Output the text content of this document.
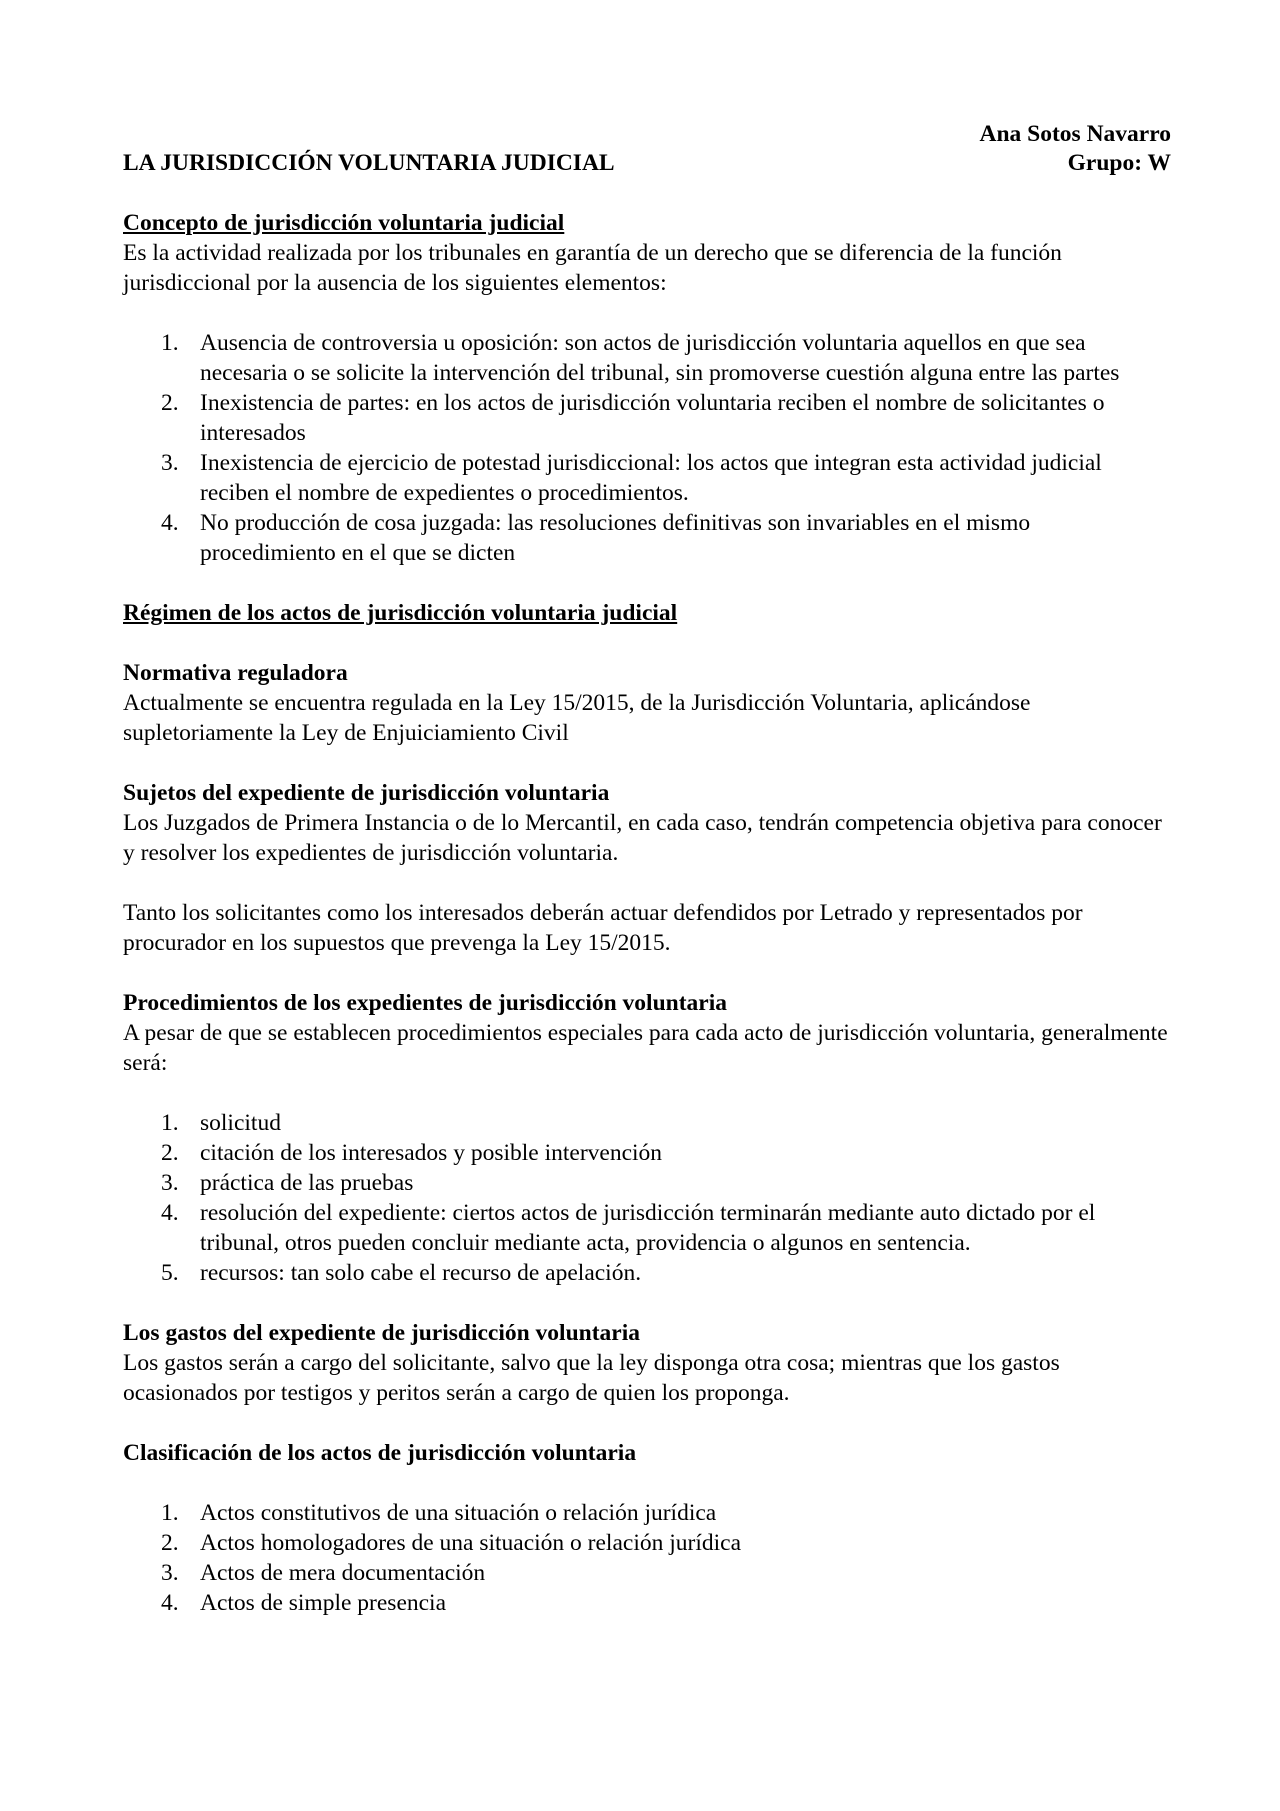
Ana Sotos Navarro
Grupo: W
LA JURISDICCIÓN VOLUNTARIA JUDICIAL
Concepto de jurisdicción voluntaria judicial

Es la actividad realizada por los tribunales en garantía de un derecho que se diferencia de la función jurisdiccional por la ausencia de los siguientes elementos:

1. Ausencia de controversia u oposición: son actos de jurisdicción voluntaria aquellos en que sea necesaria o se solicite la intervención del tribunal, sin promoverse cuestión alguna entre las partes
2. Inexistencia de partes: en los actos de jurisdicción voluntaria reciben el nombre de solicitantes o interesados
3. Inexistencia de ejercicio de potestad jurisdiccional: los actos que integran esta actividad judicial reciben el nombre de expedientes o procedimientos.
4. No producción de cosa juzgada: las resoluciones definitivas son invariables en el mismo procedimiento en el que se dicten
Régimen de los actos de jurisdicción voluntaria judicial
Normativa reguladora

Actualmente se encuentra regulada en la Ley 15/2015, de la Jurisdicción Voluntaria, aplicándose supletoriamente la Ley de Enjuiciamiento Civil

Sujetos del expediente de jurisdicción voluntaria

Los Juzgados de Primera Instancia o de lo Mercantil, en cada caso, tendrán competencia objetiva para conocer y resolver los expedientes de jurisdicción voluntaria.

Tanto los solicitantes como los interesados deberán actuar defendidos por Letrado y representados por procurador en los supuestos que prevenga la Ley 15/2015.

Procedimientos de los expedientes de jurisdicción voluntaria

A pesar de que se establecen procedimientos especiales para cada acto de jurisdicción voluntaria, generalmente será:

1. solicitud
2. citación de los interesados y posible intervención
3. práctica de las pruebas
4. resolución del expediente: ciertos actos de jurisdicción terminarán mediante auto dictado por el tribunal, otros pueden concluir mediante acta, providencia o algunos en sentencia.
5. recursos: tan solo cabe el recurso de apelación.
Los gastos del expediente de jurisdicción voluntaria

Los gastos serán a cargo del solicitante, salvo que la ley disponga otra cosa; mientras que los gastos ocasionados por testigos y peritos serán a cargo de quien los proponga.

Clasificación de los actos de jurisdicción voluntaria
1. Actos constitutivos de una situación o relación jurídica
2. Actos homologadores de una situación o relación jurídica
3. Actos de mera documentación
4. Actos de simple presencia
